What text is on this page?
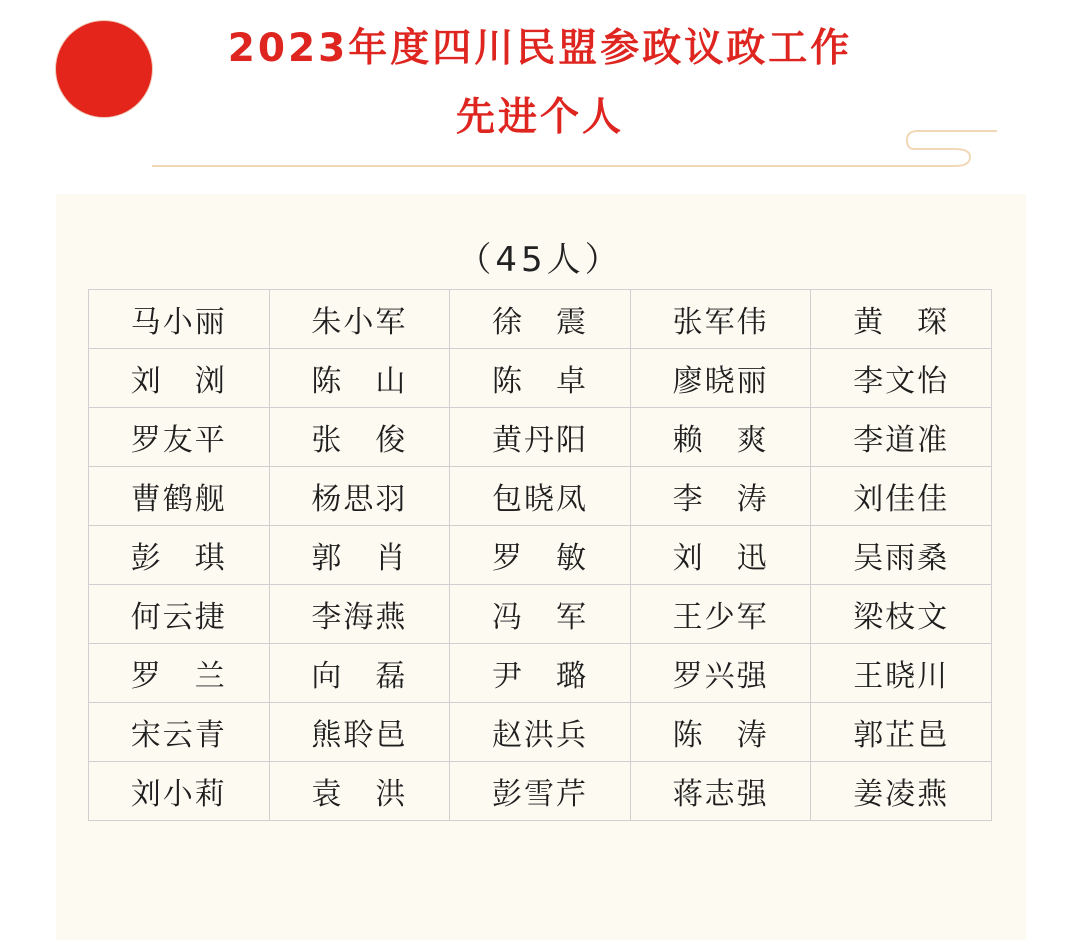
2023年度四川民盟参政议政工作
先进个人
（45人）
马小丽	朱小军	徐　震	张军伟	黄　琛
刘　浏	陈　山	陈　卓	廖晓丽	李文怡
罗友平	张　俊	黄丹阳	赖　爽	李道准
曹鹤舰	杨思羽	包晓凤	李　涛	刘佳佳
彭　琪	郭　肖	罗　敏	刘　迅	吴雨桑
何云捷	李海燕	冯　军	王少军	梁枝文
罗　兰	向　磊	尹　璐	罗兴强	王晓川
宋云青	熊聆邑	赵洪兵	陈　涛	郭芷邑
刘小莉	袁　洪	彭雪芹	蒋志强	姜凌燕
